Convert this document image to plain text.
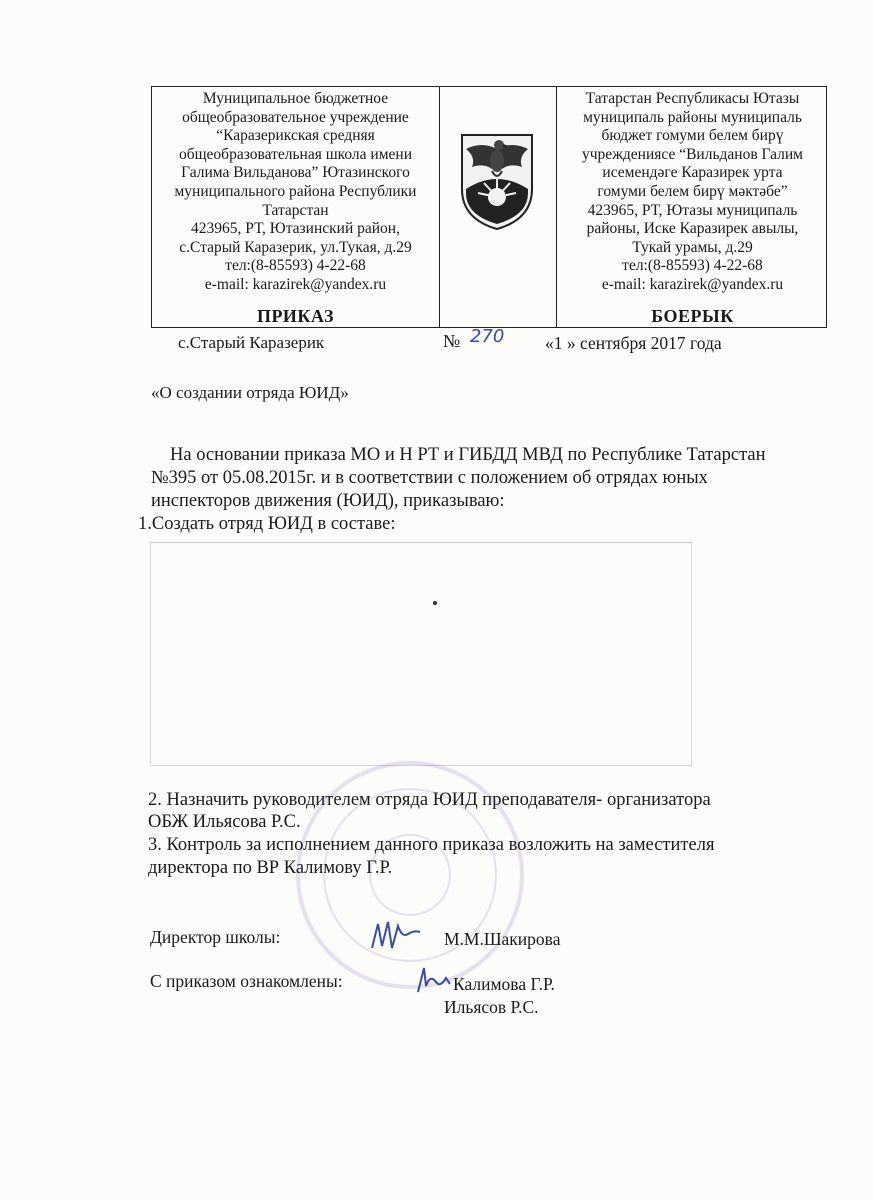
Муниципальное бюджетное
общеобразовательное учреждение
“Каразерикская средняя
общеобразовательная школа имени
Галима Вильданова” Ютазинского
муниципального района Республики
Татарстан
423965, РТ, Ютазинский район,
с.Старый Каразерик, ул.Тукая, д.29
тел:(8-85593) 4-22-68
e-mail: karazirek@yandex.ru
ПРИКАЗ
Татарстан Республикасы Ютазы
муниципаль районы муниципаль
бюджет гомуми белем бирү
учреждениясе “Вильданов Галим
исемендәге Каразирек урта
гомуми белем бирү мәктәбе”
423965, РТ, Ютазы муниципаль
районы, Иске Каразирек авылы,
Тукай урамы, д.29
тел:(8-85593) 4-22-68
e-mail: karazirek@yandex.ru
БОЕРЫК
с.Старый Каразерик	№ 270 «1 » сентября 2017 года
«О создании отряда ЮИД»
На основании приказа МО и Н РТ и ГИБДД МВД по Республике Татарстан
№395 от 05.08.2015г. и в соответствии с положением об отрядах юных
инспекторов движения (ЮИД), приказываю:
1.Создать отряд ЮИД в составе:
2. Назначить руководителем отряда ЮИД преподавателя- организатора
ОБЖ Ильясова Р.С.
3. Контроль за исполнением данного приказа возложить на заместителя
директора по ВР Калимову Г.Р.
Директор школы:	М.М.Шакирова
С приказом ознакомлены:	Калимова Г.Р.
Ильясов Р.С.
